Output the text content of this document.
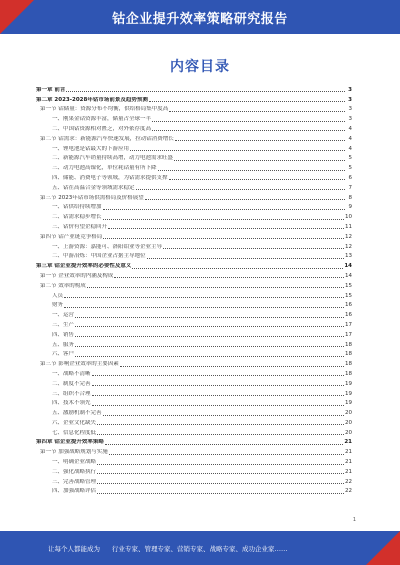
钴企业提升效率策略研究报告
内容目录
第一章 前言	3
第二章 2023-2028年钴市场前景及趋势预测	3
第一节 钴储量：资源分布不均衡，供给格局集中度高	3
一、刚果金钴资源丰富，储量占全球一半	3
二、中国钴资源相对匮乏，对外依存度高	4
第二节 钴需求：新能源汽车快速发展，拉动钴消费增长	4
一、锂电池是钴最大的下游应用	4
二、新能源汽车销量持续高增，动力电池需求旺盛	5
三、动力电池高镍化，单位耗钴量有所下降	5
四、储能、消费电子等领域，为钴需求提供支撑	6
五、钴在高温合金等领域需求稳定	7
第三节 2023年钴市场供需格局及价格展望	8
一、钴供给持续增加	9
二、钴需求稳步增长	10
三、钴价有望企稳回升	11
第四节 钴产业链竞争格局	12
一、上游资源：嘉能可、洛阳钼业等企业主导	12
二、中游冶炼：中国企业占据主导地位	13
第三章 钴企业提升效率的必要性及意义	14
第一节 企业效率的内涵及构成	14
第二节 效率的构成	15
人员	15
财务	16
一、运营	16
三、生产	17
四、销售	17
五、服务	18
六、客户	18
第三节 影响企业效率的主要因素	18
一、战略不清晰	18
二、制度不完善	19
三、组织不合理	19
四、技术不领先	19
五、激励机制不完善	20
六、企业文化缺失	20
七、信息化程度低	20
第四章 钴企业提升效率策略	21
第一节 加强战略规划与实施	21
一、明确企业战略	21
二、强化战略执行	21
三、完善战略管理	22
四、加强战略评估	22
1
让每个人都能成为 行业专家、管理专家、营销专家、战略专家、成功企业家……
